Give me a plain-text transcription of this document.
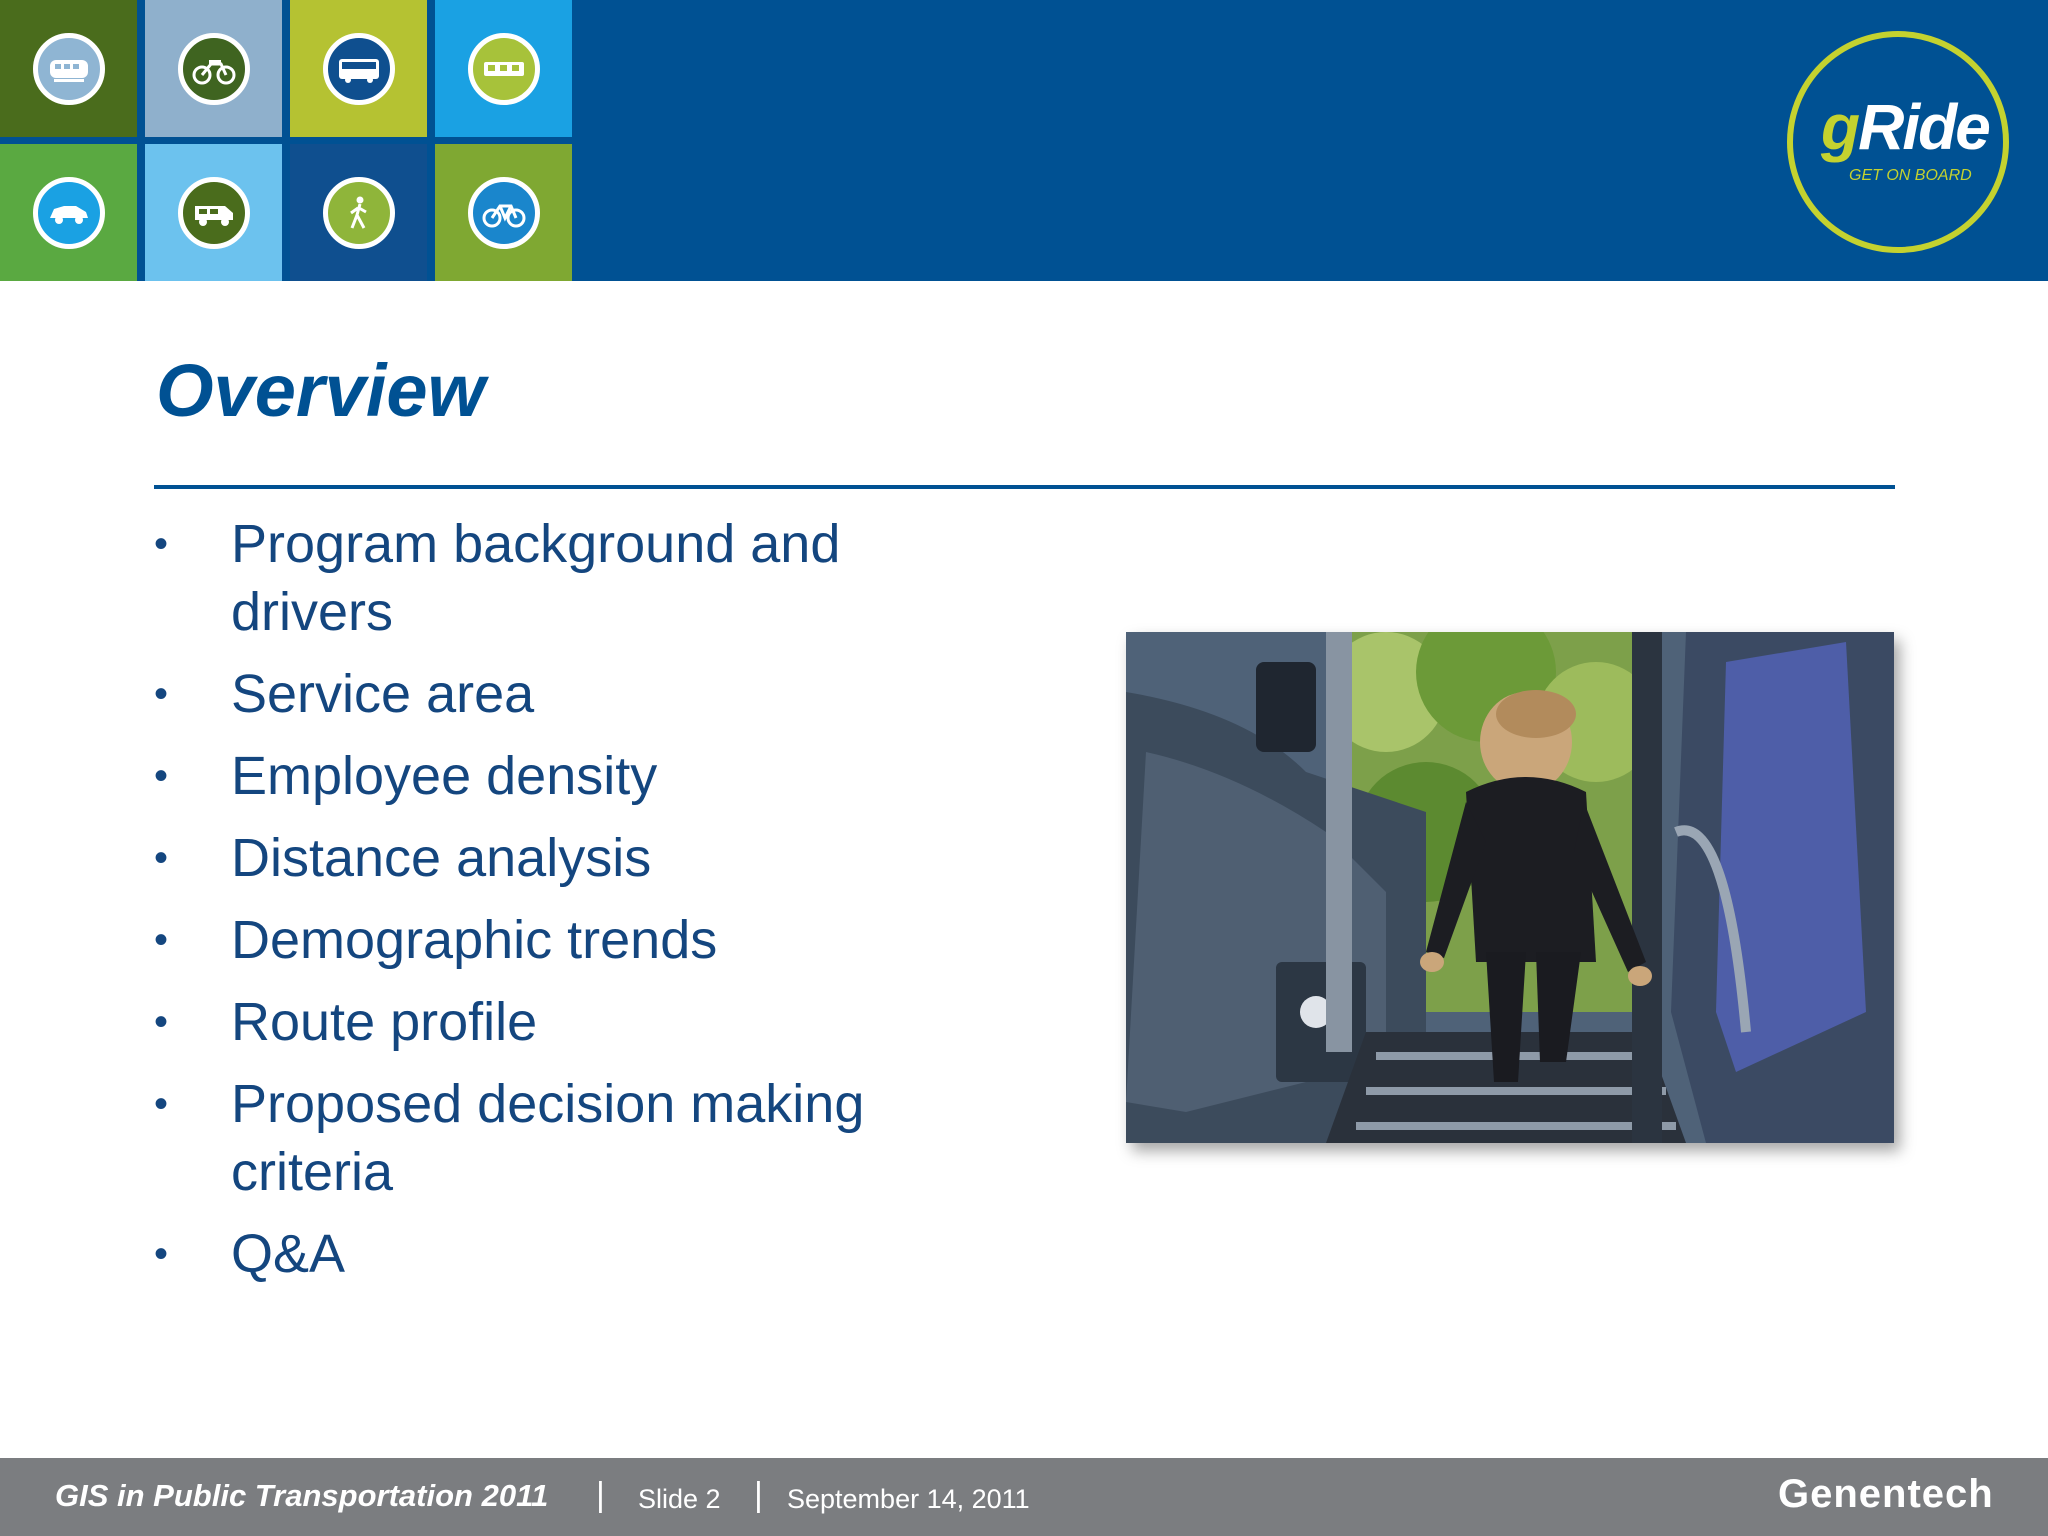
gRide
GET ON BOARD
Overview
• Program background and drivers
• Service area
• Employee density
• Distance analysis
• Demographic trends
• Route profile
• Proposed decision making criteria
• Q&A
GIS in Public Transportation 2011 | Slide 2 | September 14, 2011	Genentech
